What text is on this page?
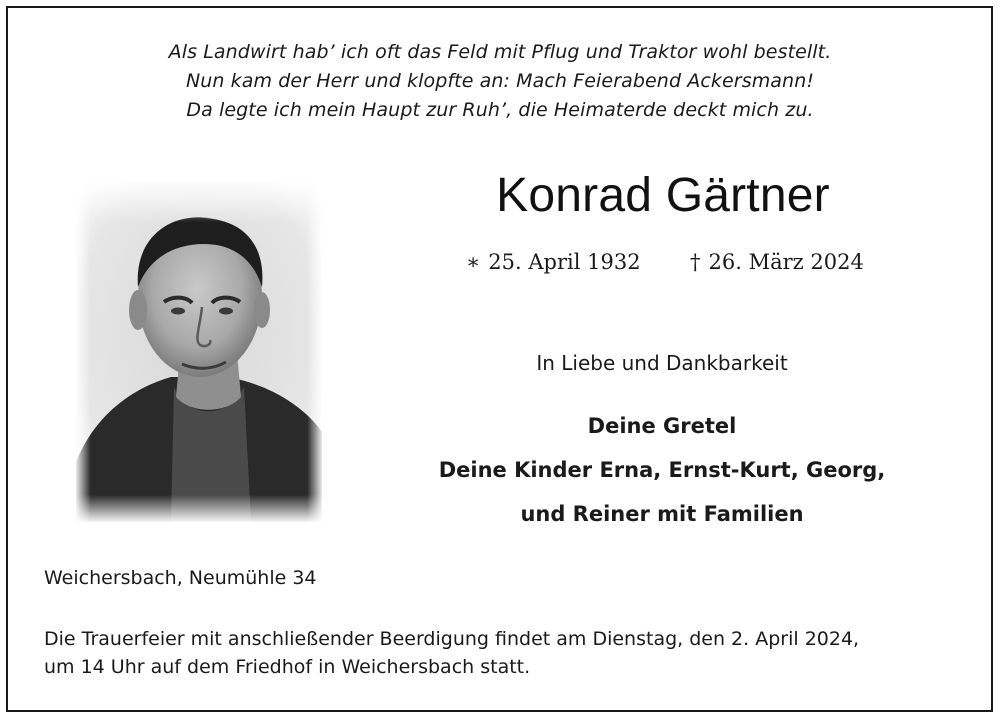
Als Landwirt hab’ ich oft das Feld mit Pflug und Traktor wohl bestellt.
Nun kam der Herr und klopfte an: Mach Feierabend Ackersmann!
Da legte ich mein Haupt zur Ruh’, die Heimaterde deckt mich zu.
Konrad Gärtner
∗ 25. April 1932 † 26. März 2024
In Liebe und Dankbarkeit
Deine Gretel
Deine Kinder Erna, Ernst-Kurt, Georg,
und Reiner mit Familien
Weichersbach, Neumühle 34
Die Trauerfeier mit anschließender Beerdigung findet am Dienstag, den 2. April 2024,
um 14 Uhr auf dem Friedhof in Weichersbach statt.
